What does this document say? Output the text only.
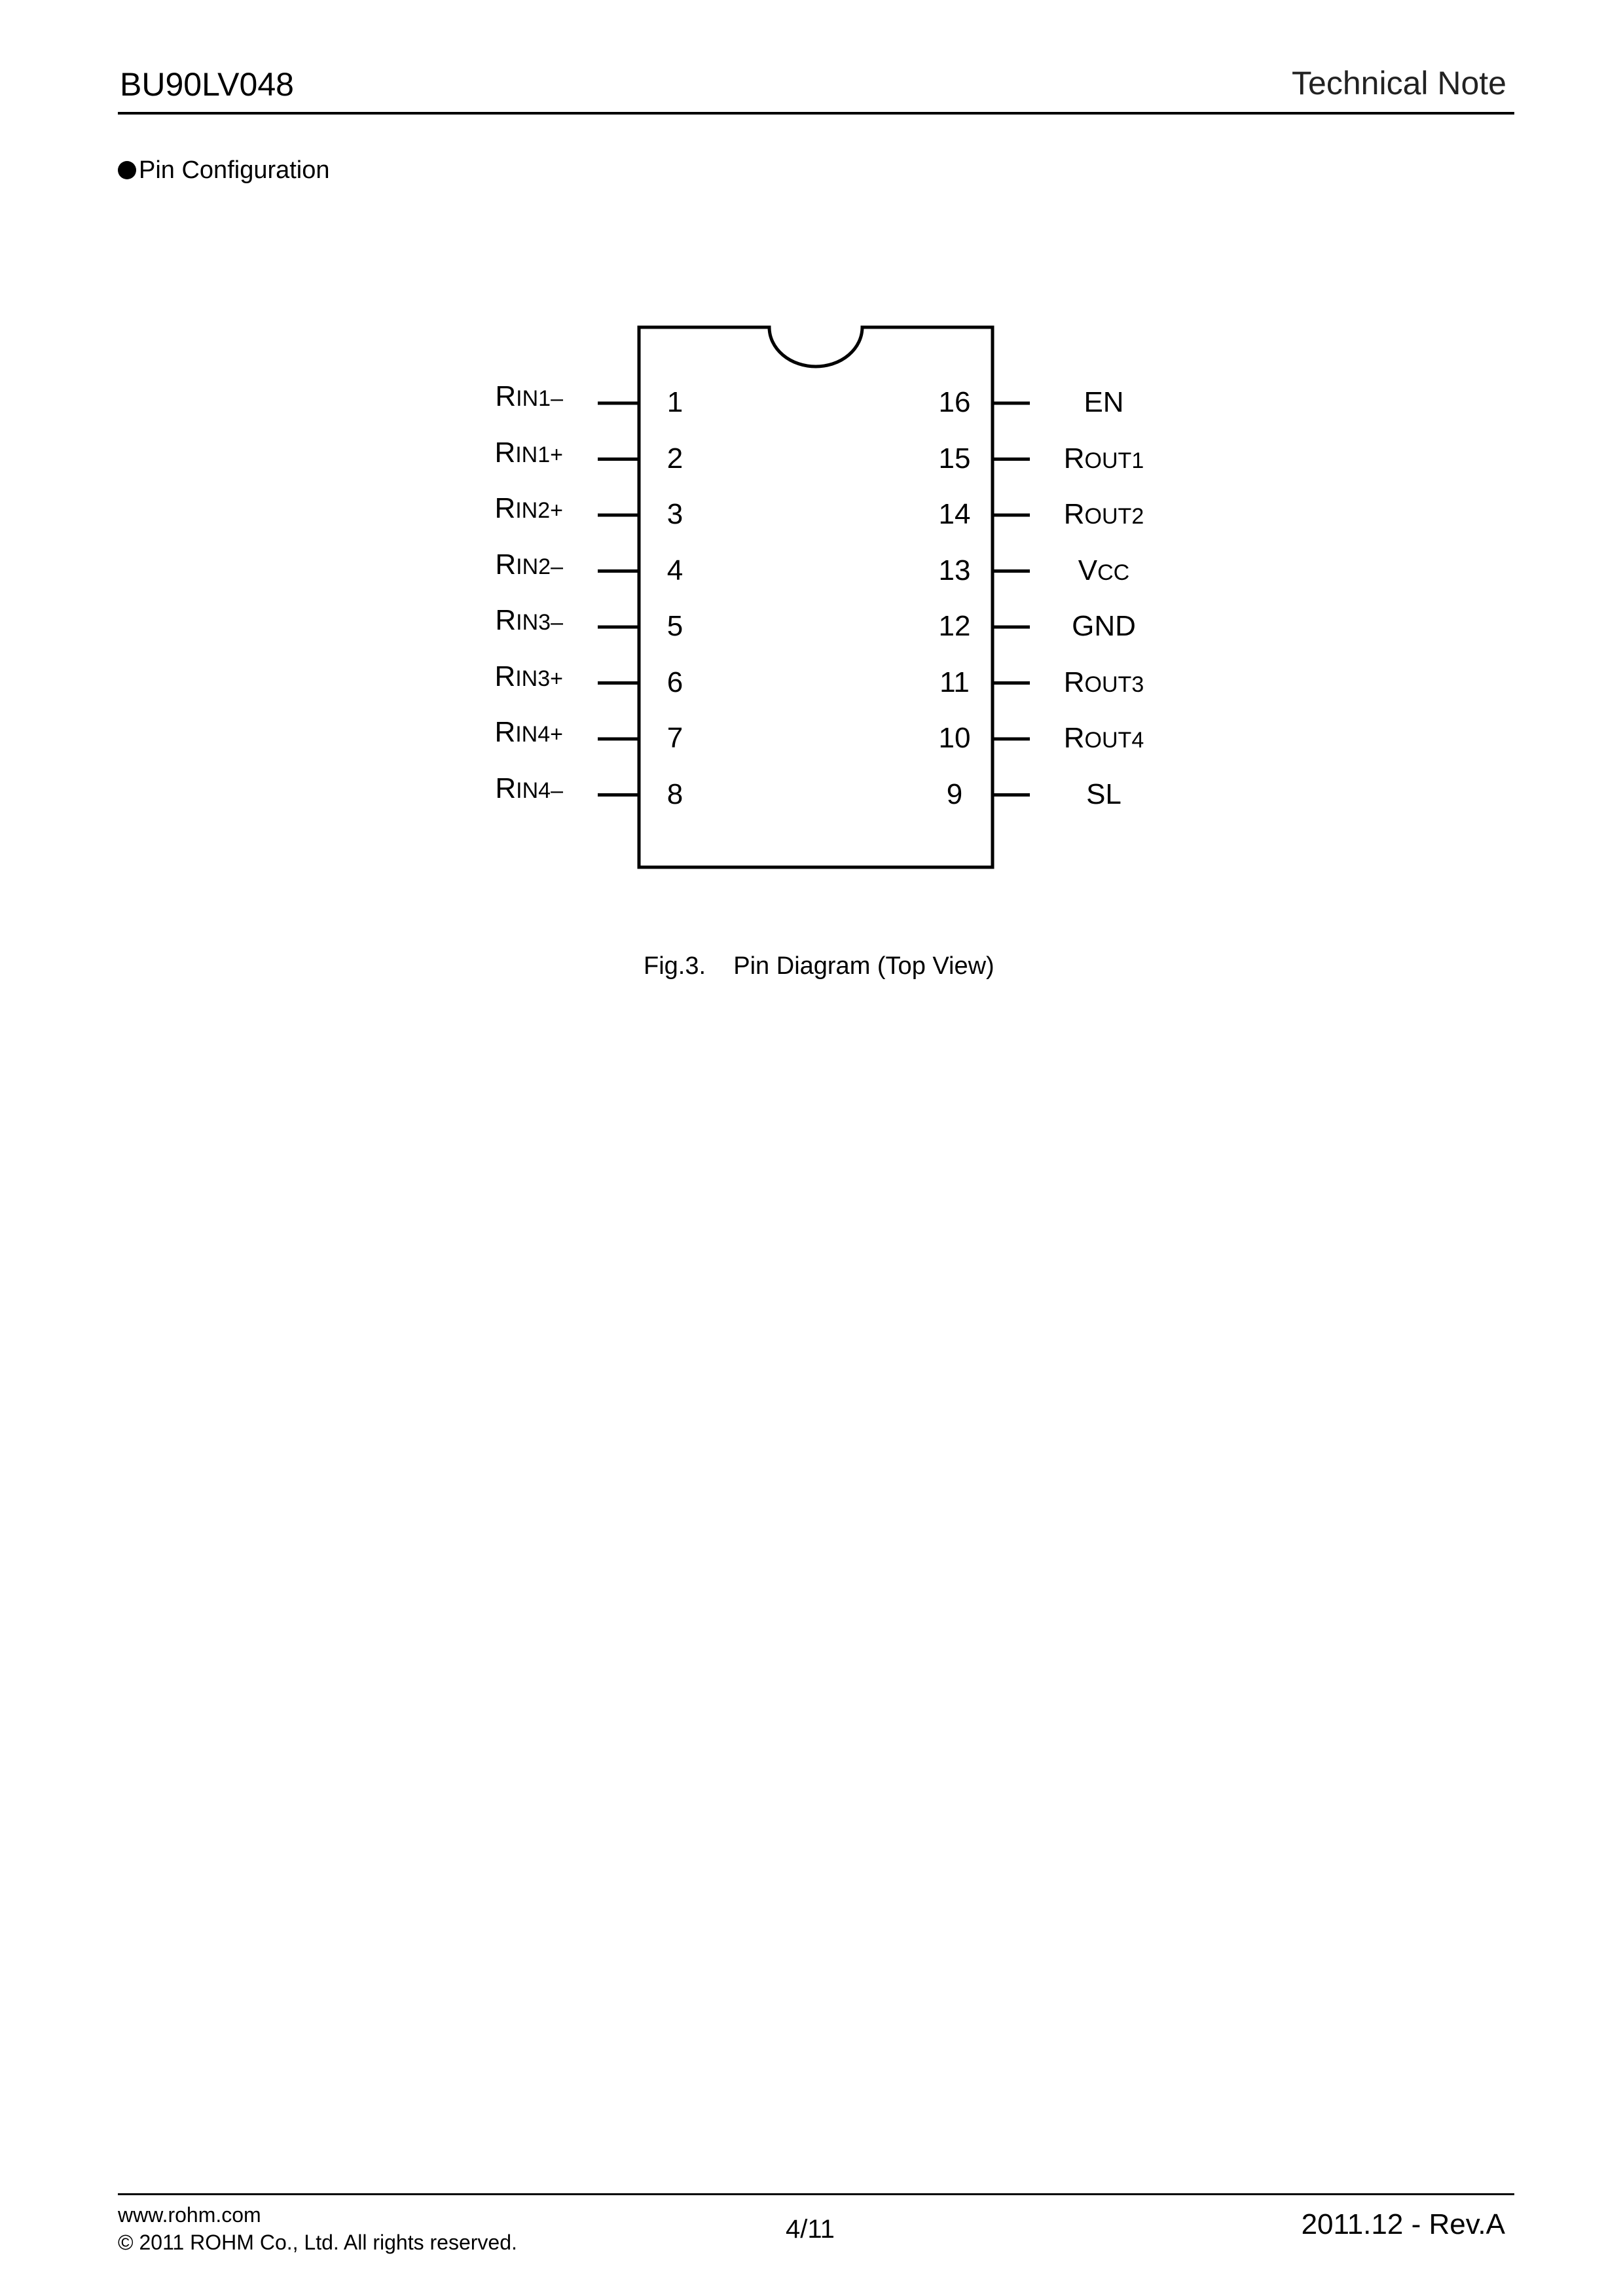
BU90LV048	Technical Note
Pin Configuration
RIN1–	1
RIN1+	2
RIN2+	3
RIN2–	4
RIN3–	5
RIN3+	6
RIN4+	7
RIN4–	8
EN
16
ROUT1
15
ROUT2
14
VCC
13
GND
12
ROUT3
11
ROUT4
10
SL
9
Fig.3.    Pin Diagram (Top View)
www.rohm.com
© 2011 ROHM Co., Ltd. All rights reserved.	4/11	2011.12 - Rev.A
